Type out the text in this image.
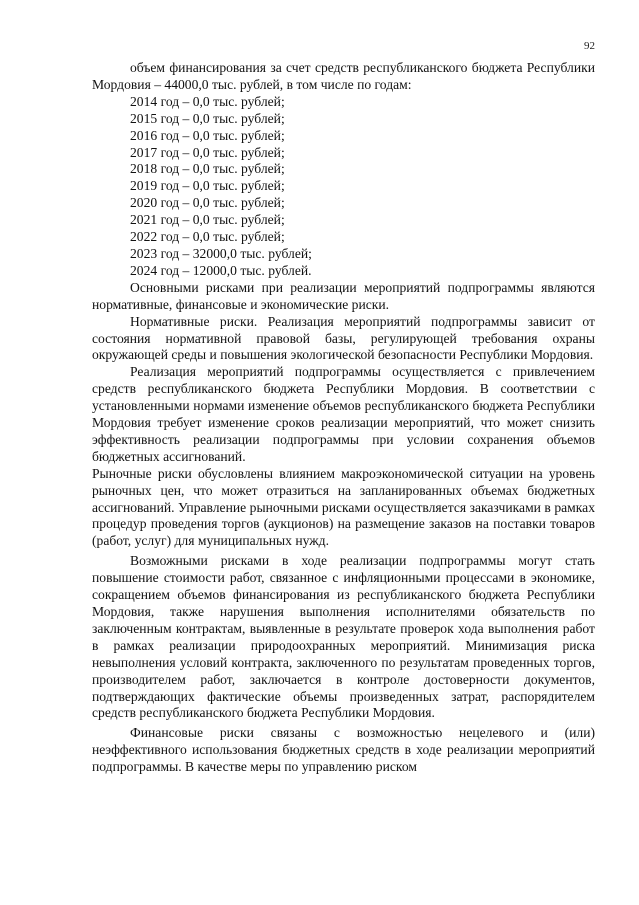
92

объем финансирования за счет средств республиканского бюджета Республики Мордовия – 44000,0 тыс. рублей, в том числе по годам:

2014 год – 0,0 тыс. рублей;

2015 год – 0,0 тыс. рублей;

2016 год – 0,0 тыс. рублей;

2017 год – 0,0 тыс. рублей;

2018 год – 0,0 тыс. рублей;

2019 год – 0,0 тыс. рублей;

2020 год – 0,0 тыс. рублей;

2021 год – 0,0 тыс. рублей;

2022 год – 0,0 тыс. рублей;

2023 год – 32000,0 тыс. рублей;

2024 год – 12000,0 тыс. рублей.

Основными рисками при реализации мероприятий подпрограммы являются нормативные, финансовые и экономические риски.

Нормативные риски. Реализация мероприятий подпрограммы зависит от состояния нормативной правовой базы, регулирующей требования охраны окружающей среды и повышения экологической безопасности Республики Мордовия.

Реализация мероприятий подпрограммы осуществляется с привлечением средств республиканского бюджета Республики Мордовия. В соответствии с установленными нормами изменение объемов республиканского бюджета Республики Мордовия требует изменение сроков реализации мероприятий, что может снизить эффективность реализации подпрограммы при условии сохранения объемов бюджетных ассигнований.

Рыночные риски обусловлены влиянием макроэкономической ситуации на уровень рыночных цен, что может отразиться на запланированных объемах бюджетных ассигнований. Управление рыночными рисками осуществляется заказчиками в рамках процедур проведения торгов (аукционов) на размещение заказов на поставки товаров (работ, услуг) для муниципальных нужд.

Возможными рисками в ходе реализации подпрограммы могут стать повышение стоимости работ, связанное с инфляционными процессами в экономике, сокращением объемов финансирования из республиканского бюджета Республики Мордовия, также нарушения выполнения исполнителями обязательств по заключенным контрактам, выявленные в результате проверок хода выполнения работ в рамках реализации природоохранных мероприятий. Минимизация риска невыполнения условий контракта, заключенного по результатам проведенных торгов, производителем работ, заключается в контроле достоверности документов, подтверждающих фактические объемы произведенных затрат, распорядителем средств республиканского бюджета Республики Мордовия.

Финансовые риски связаны с возможностью нецелевого и (или) неэффективного использования бюджетных средств в ходе реализации мероприятий подпрограммы. В качестве меры по управлению риском
